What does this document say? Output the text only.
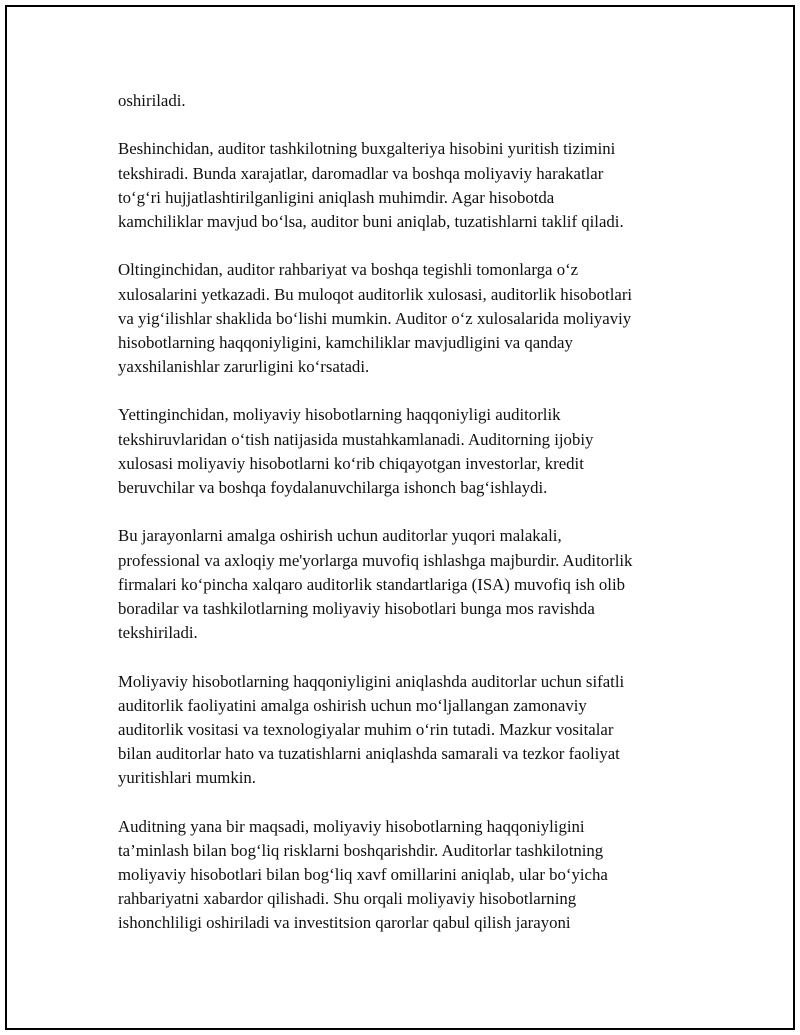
oshiriladi.
Beshinchidan, auditor tashkilotning buxgalteriya hisobini yuritish tizimini
tekshiradi. Bunda xarajatlar, daromadlar va boshqa moliyaviy harakatlar
to‘g‘ri hujjatlashtirilganligini aniqlash muhimdir. Agar hisobotda
kamchiliklar mavjud bo‘lsa, auditor buni aniqlab, tuzatishlarni taklif qiladi.
Oltinginchidan, auditor rahbariyat va boshqa tegishli tomonlarga o‘z
xulosalarini yetkazadi. Bu muloqot auditorlik xulosasi, auditorlik hisobotlari
va yig‘ilishlar shaklida bo‘lishi mumkin. Auditor o‘z xulosalarida moliyaviy
hisobotlarning haqqoniyligini, kamchiliklar mavjudligini va qanday
yaxshilanishlar zarurligini ko‘rsatadi.
Yettinginchidan, moliyaviy hisobotlarning haqqoniyligi auditorlik
tekshiruvlaridan o‘tish natijasida mustahkamlanadi. Auditorning ijobiy
xulosasi moliyaviy hisobotlarni ko‘rib chiqayotgan investorlar, kredit
beruvchilar va boshqa foydalanuvchilarga ishonch bag‘ishlaydi.
Bu jarayonlarni amalga oshirish uchun auditorlar yuqori malakali,
professional va axloqiy me'yorlarga muvofiq ishlashga majburdir. Auditorlik
firmalari ko‘pincha xalqaro auditorlik standartlariga (ISA) muvofiq ish olib
boradilar va tashkilotlarning moliyaviy hisobotlari bunga mos ravishda
tekshiriladi.
Moliyaviy hisobotlarning haqqoniyligini aniqlashda auditorlar uchun sifatli
auditorlik faoliyatini amalga oshirish uchun mo‘ljallangan zamonaviy
auditorlik vositasi va texnologiyalar muhim o‘rin tutadi. Mazkur vositalar
bilan auditorlar hato va tuzatishlarni aniqlashda samarali va tezkor faoliyat
yuritishlari mumkin.
Auditning yana bir maqsadi, moliyaviy hisobotlarning haqqoniyligini
ta’minlash bilan bog‘liq risklarni boshqarishdir. Auditorlar tashkilotning
moliyaviy hisobotlari bilan bog‘liq xavf omillarini aniqlab, ular bo‘yicha
rahbariyatni xabardor qilishadi. Shu orqali moliyaviy hisobotlarning
ishonchliligi oshiriladi va investitsion qarorlar qabul qilish jarayoni
